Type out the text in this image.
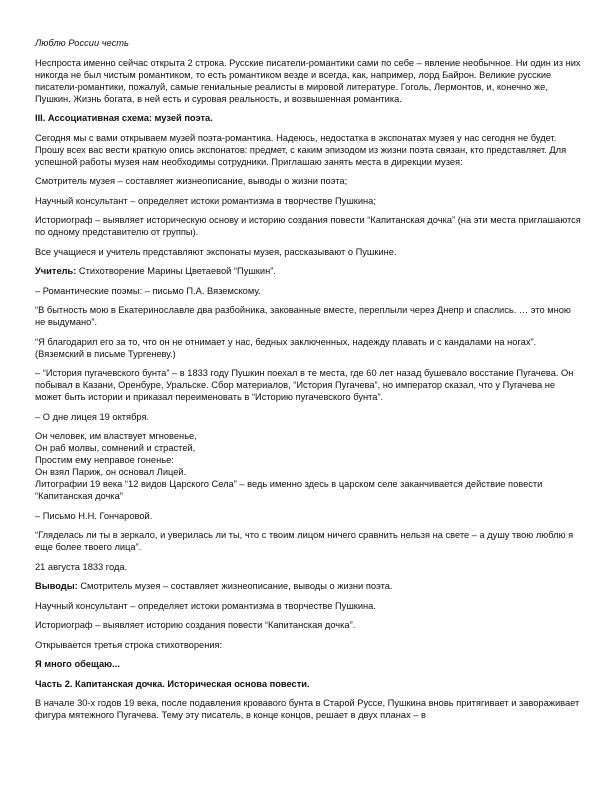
Люблю России честь

Неспроста именно сейчас открыта 2 строка. Русские писатели-романтики сами по себе – явление необычное. Ни один из них никогда не был чистым романтиком, то есть романтиком везде и всегда, как, например, лорд Байрон. Великие русские писатели-романтики, пожалуй, самые гениальные реалисты в мировой литературе. Гоголь, Лермонтов, и, конечно же, Пушкин. Жизнь богата, в ней есть и суровая реальность, и возвышенная романтика.

III. Ассоциативная схема: музей поэта.

Сегодня мы с вами открываем музей поэта-романтика. Надеюсь, недостатка в экспонатах музея у нас сегодня не будет. Прошу всех вас вести краткую опись экспонатов: предмет, с каким эпизодом из жизни поэта связан, кто представляет. Для успешной работы музея нам необходимы сотрудники. Приглашаю занять места в дирекции музея:

Смотритель музея – составляет жизнеописание, выводы о жизни поэта;

Научный консультант – определяет истоки романтизма в творчестве Пушкина;

Историограф – выявляет историческую основу и историю создания повести “Капитанская дочка” (на эти места приглашаются по одному представителю от группы).

Все учащиеся и учитель представляют экспонаты музея, рассказывают о Пушкине.

Учитель: Стихотворение Марины Цветаевой “Пушкин”.

– Романтические поэмы: – письмо П.А. Вяземскому.

“В бытность мою в Екатеринославле два разбойника, закованные вместе, переплыли через Днепр и спаслись. … это мною не выдумано”.

“Я благодарил его за то, что он не отнимает у нас, бедных заключенных, надежду плавать и с кандалами на ногах”. (Вяземский в письме Тургеневу.)

– “История пугачевского бунта” – в 1833 году Пушкин поехал в те места, где 60 лет назад бушевало восстание Пугачева. Он побывал в Казани, Оренбуре, Уральске. Сбор материалов, “История Пугачева”, но император сказал, что у Пугачева не может быть истории и приказал переименовать в “Историю пугачевского бунта”.

– О дне лицея 19 октября.

Он человек, им властвует мгновенье,

Он раб молвы, сомнений и страстей,

Простим ему неправое гоненье:

Он взял Париж, он основал Лицей.

Литографии 19 века “12 видов Царского Села” – ведь именно здесь в царском селе заканчивается действие повести “Капитанская дочка”

– Письмо Н.Н. Гончаровой.

“Гляделась ли ты в зеркало, и уверилась ли ты, что с твоим лицом ничего сравнить нельзя на свете – а душу твою люблю я еще более твоего лица”.

21 августа 1833 года.

Выводы: Смотритель музея – составляет жизнеописание, выводы о жизни поэта.

Научный консультант – определяет истоки романтизма в творчестве Пушкина.

Историограф – выявляет историю создания повести “Капитанская дочка”.

Открывается третья строка стихотворения:

Я много обещаю...

Часть 2. Капитанская дочка. Историческая основа повести.

В начале 30-х годов 19 века, после подавления кровавого бунта в Старой Руссе, Пушкина вновь притягивает и завораживает фигура мятежного Пугачева. Тему эту писатель, в конце концов, решает в двух планах – в
